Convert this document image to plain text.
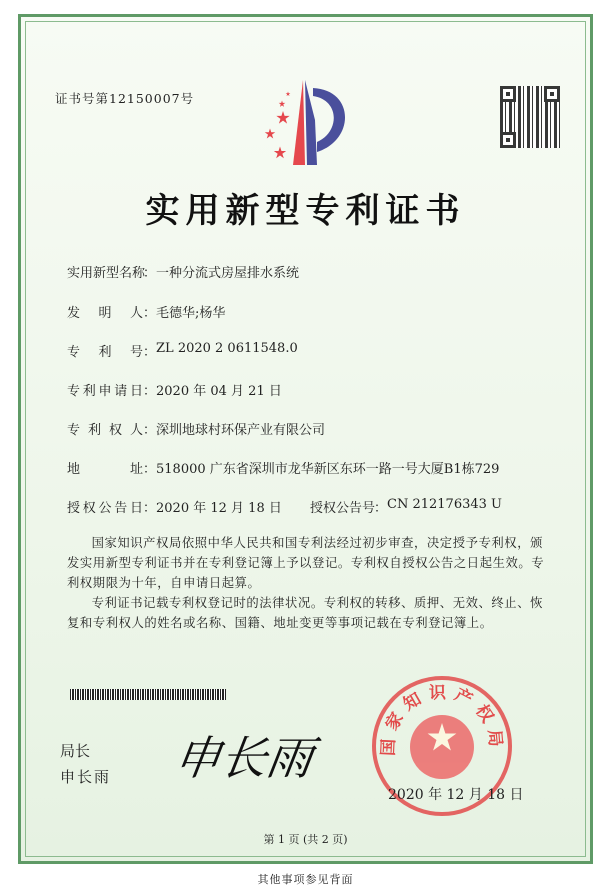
证书号第12150007号
实用新型专利证书
实用新型名称
： 一种分流式房屋排水系统
发明人 ： 毛德华;杨华
专利号 ： ZL 2020 2 0611548.0
专利申请日 ： 2020 年 04 月 21 日
专利权人 ： 深圳地球村环保产业有限公司
地址 ： 518000 广东省深圳市龙华新区东环一路一号大厦B1栋729
授权公告日 ： 2020 年 12 月 18 日 授权公告号
： CN 212176343 U

国家知识产权局依照中华人民共和国专利法经过初步审查，决定授予专利权，颁发实用新型专利证书并在专利登记簿上予以登记。专利权自授权公告之日起生效。专利权期限为十年，自申请日起算。

专利证书记载专利权登记时的法律状况。专利权的转移、质押、无效、终止、恢复和专利权人的姓名或名称、国籍、地址变更等事项记载在专利登记簿上。

局长
申长雨 申长雨	国家知识产权局
2020 年 12 月 18 日
第 1 页 (共 2 页)
其他事项参见背面
